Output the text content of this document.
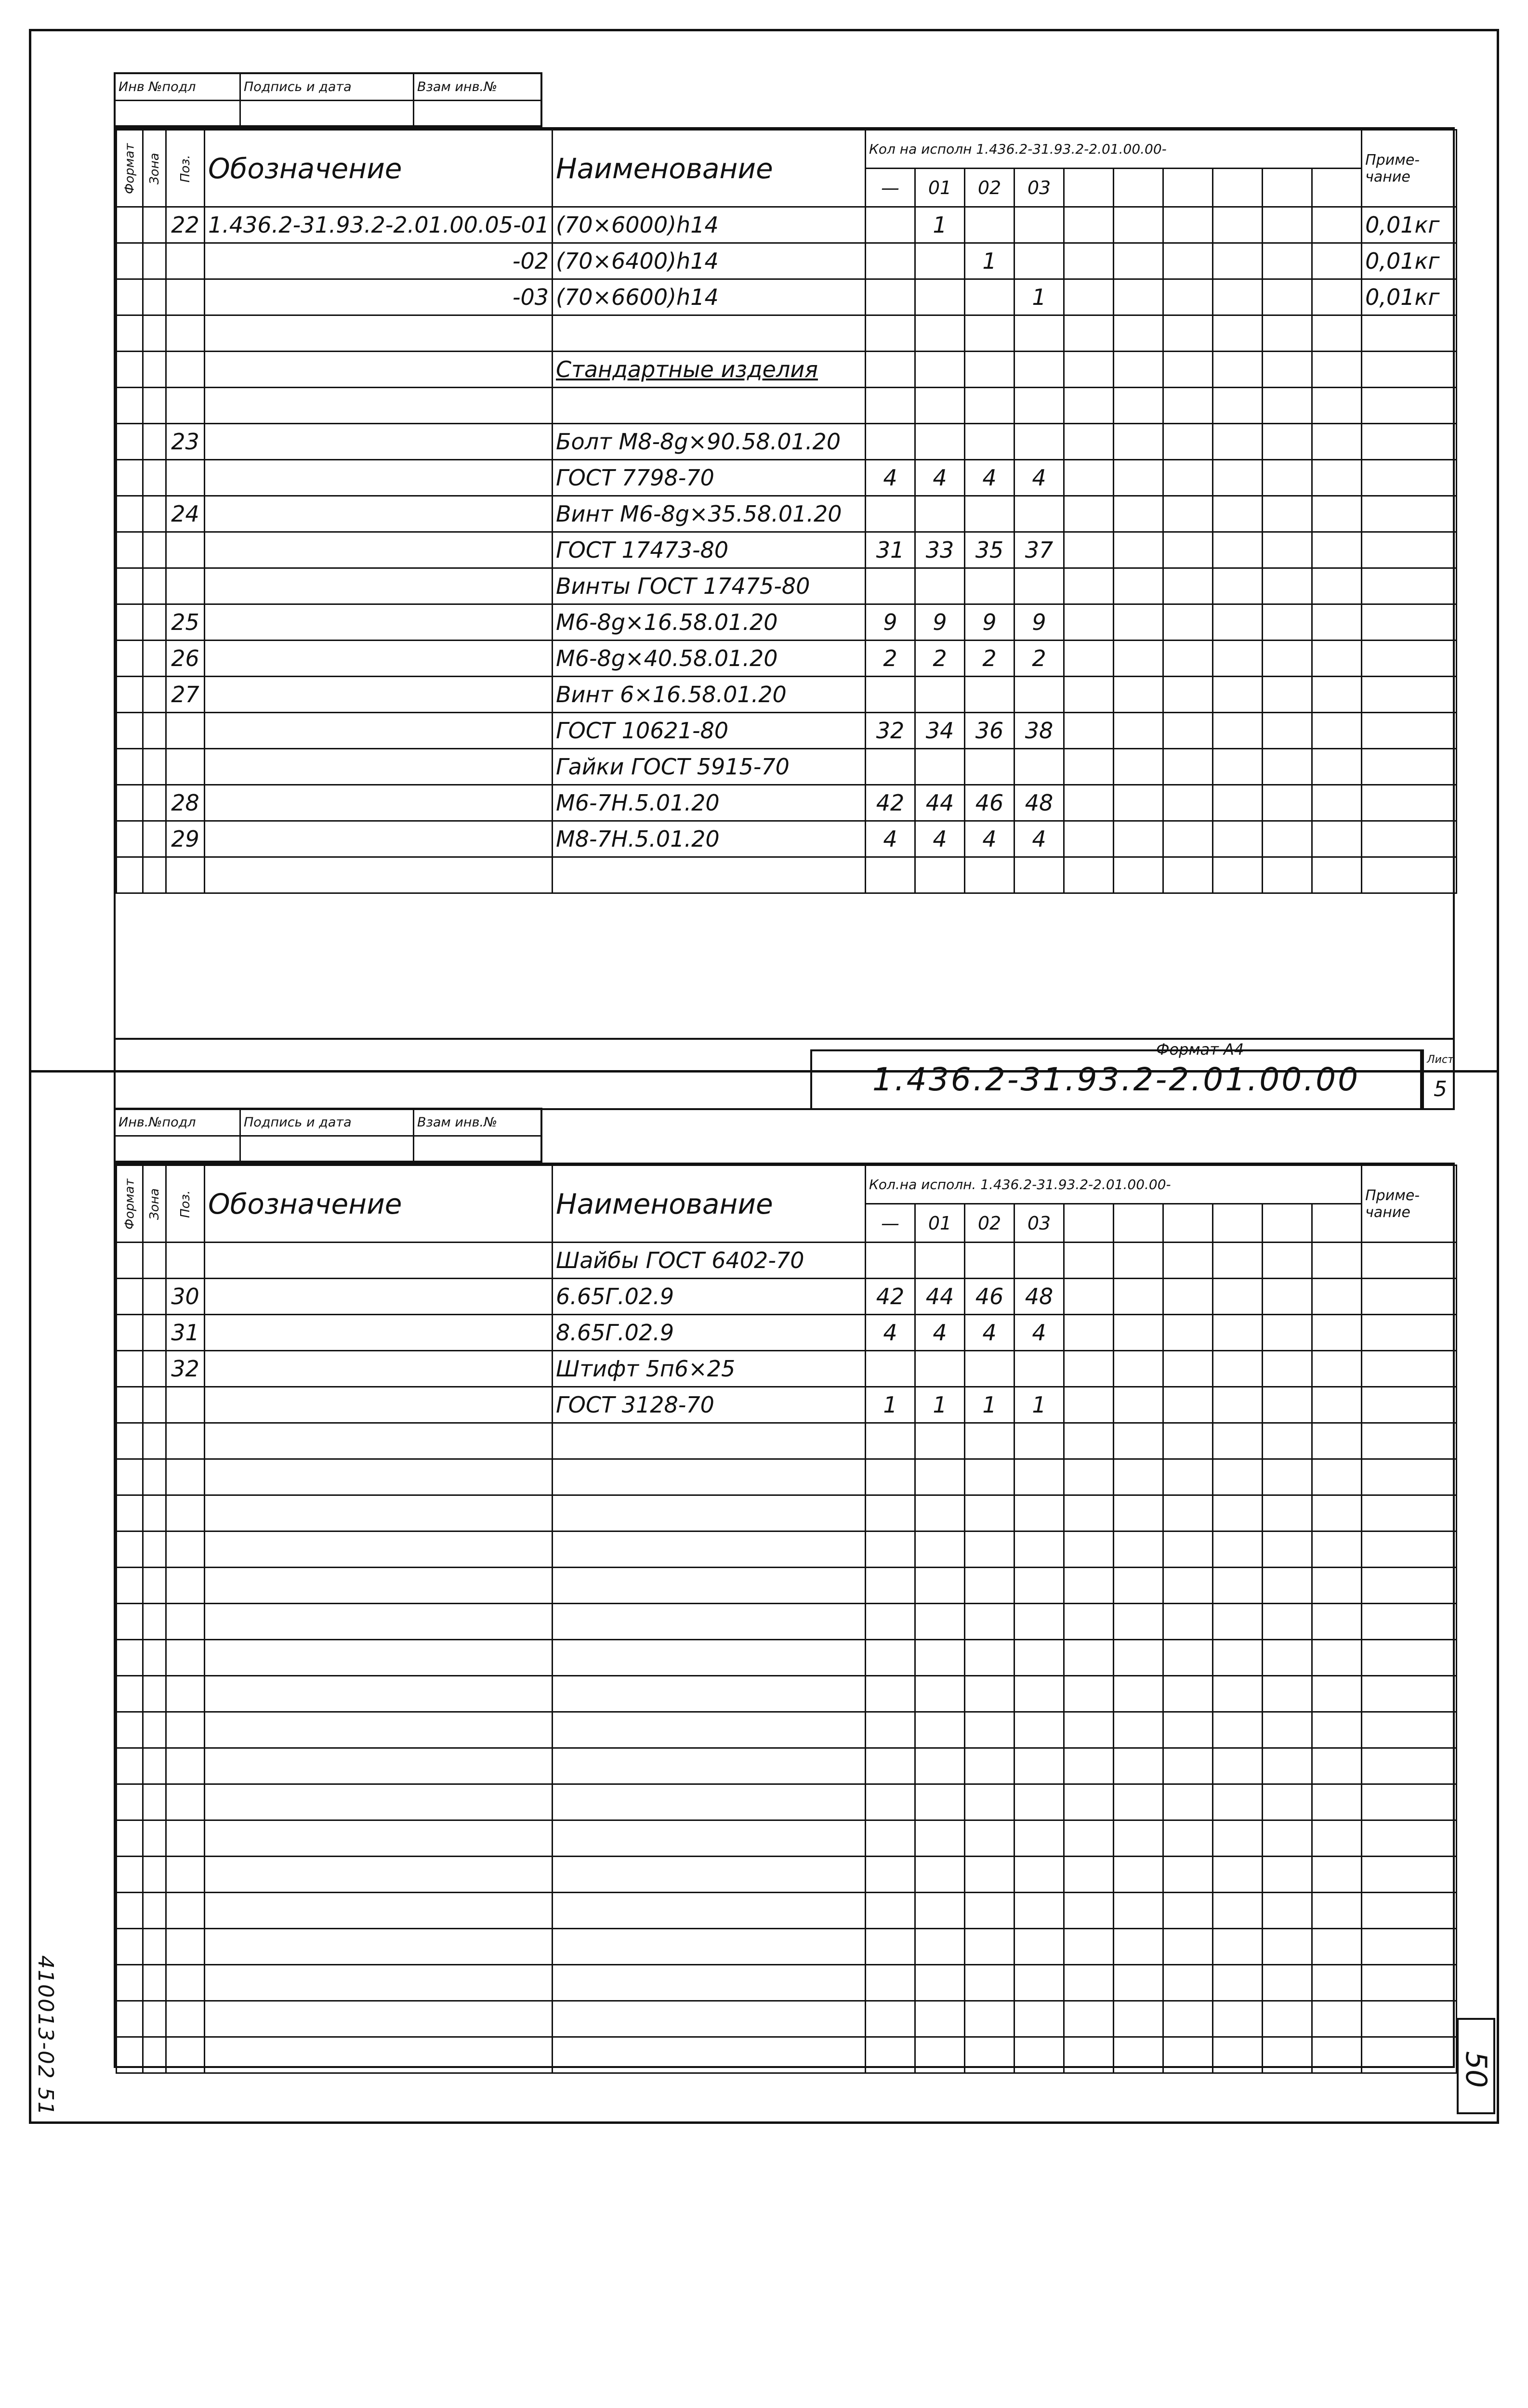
Инв №подл	Подпись и дата	Взам инв.№
Формат	Зона	Поз.	Обозначение	Наименование	Кол на исполн 1.436.2-31.93.2-2.01.00.00-										Приме-чание
					—	01	02	03							
		22	1.436.2-31.93.2-2.01.00.05-01	(70×6000)h14		1									0,01кг
			-02	(70×6400)h14			1								0,01кг
			-03	(70×6600)h14				1							0,01кг

				Стандартные изделия											

		23		Болт М8-8g×90.58.01.20											
				ГОСТ 7798-70	4	4	4	4							
		24		Винт М6-8g×35.58.01.20											
				ГОСТ 17473-80	31	33	35	37							
				Винты ГОСТ 17475-80											
		25		М6-8g×16.58.01.20	9	9	9	9							
		26		М6-8g×40.58.01.20	2	2	2	2							
		27		Винт 6×16.58.01.20											
				ГОСТ 10621-80	32	34	36	38							
				Гайки ГОСТ 5915-70											
		28		М6-7Н.5.01.20	42	44	46	48							
		29		М8-7Н.5.01.20	4	4	4	4							

1.436.2-31.93.2-2.01.00.00
Лист
5
Формат А4
Инв.№подл	Подпись и дата	Взам инв.№
Формат	Зона	Поз.	Обозначение	Наименование	Кол.на исполн. 1.436.2-31.93.2-2.01.00.00-										Приме-чание
					—	01	02	03							
				Шайбы ГОСТ 6402-70											
		30		6.65Г.02.9	42	44	46	48							
		31		8.65Г.02.9	4	4	4	4							
		32		Штифт 5п6×25											
				ГОСТ 3128-70	1	1	1	1							

410013-02 51	50
